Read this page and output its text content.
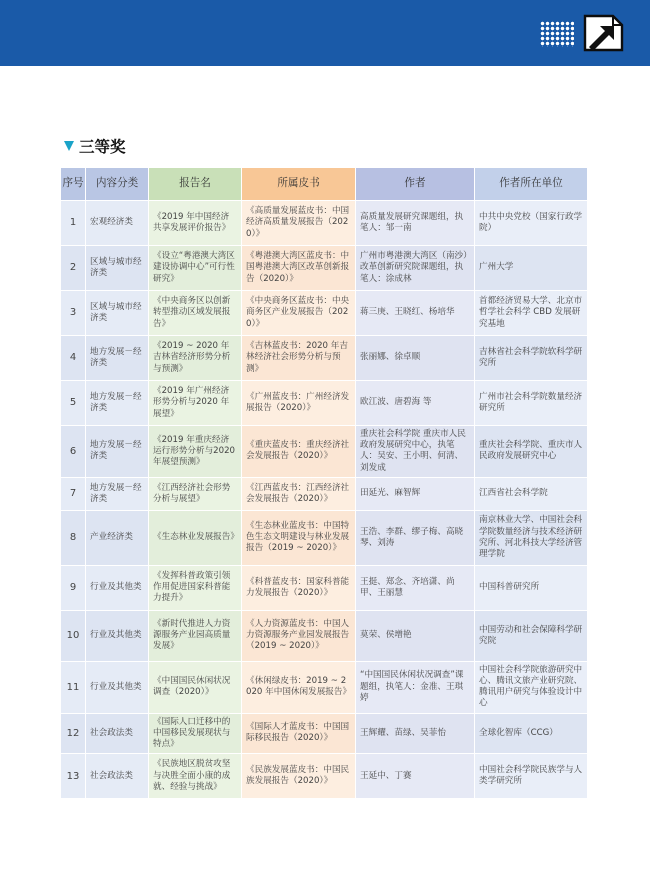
三等奖
序号	内容分类	报告名	所属皮书	作者	作者所在单位
1	宏观经济类	《2019 年中国经济共享发展评价报告》	《高质量发展蓝皮书：中国经济高质量发展报告（2020）》	高质量发展研究课题组，执笔人：邹一南	中共中央党校（国家行政学院）
2	区域与城市经济类	《设立“粤港澳大湾区建设协调中心”可行性研究》	《粤港澳大湾区蓝皮书：中国粤港澳大湾区改革创新报告（2020）》	广州市粤港澳大湾区（南沙）改革创新研究院课题组，执笔人：涂成林	广州大学
3	区域与城市经济类	《中央商务区以创新转型推动区域发展报告》	《中央商务区蓝皮书：中央商务区产业发展报告（2020）》	蒋三庚、王晓红、杨培华	首都经济贸易大学、北京市哲学社会科学 CBD 发展研究基地
4	地方发展－经济类	《2019 ~ 2020 年吉林省经济形势分析与预测》	《吉林蓝皮书：2020 年吉林经济社会形势分析与预测》	张丽娜、徐卓顺	吉林省社会科学院软科学研究所
5	地方发展－经济类	《2019 年广州经济形势分析与2020 年展望》	《广州蓝皮书：广州经济发展报告（2020）》	欧江波、唐碧海 等	广州市社会科学院数量经济研究所
6	地方发展－经济类	《2019 年重庆经济运行形势分析与2020 年展望预测》	《重庆蓝皮书：重庆经济社会发展报告（2020）》	重庆社会科学院 重庆市人民政府发展研究中心，执笔人：吴安、王小明、何清、刘发成	重庆社会科学院、重庆市人民政府发展研究中心
7	地方发展－经济类	《江西经济社会形势分析与展望》	《江西蓝皮书：江西经济社会发展报告（2020）》	田延光、麻智辉	江西省社会科学院
8	产业经济类	《生态林业发展报告》	《生态林业蓝皮书：中国特色生态文明建设与林业发展报告（2019 ~ 2020）》	王浩、李群、缪子梅、高晓琴、刘涛	南京林业大学、中国社会科学院数量经济与技术经济研究所、河北科技大学经济管理学院
9	行业及其他类	《发挥科普政策引领作用促进国家科普能力提升》	《科普蓝皮书：国家科普能力发展报告（2020）》	王挺、郑念、齐培潇、尚甲、王丽慧	中国科普研究所
10	行业及其他类	《新时代推进人力资源服务产业园高质量发展》	《人力资源蓝皮书：中国人力资源服务产业园发展报告（2019 ~ 2020）》	莫荣、侯增艳	中国劳动和社会保障科学研究院
11	行业及其他类	《中国国民休闲状况调查（2020）》	《休闲绿皮书：2019 ~ 2020 年中国休闲发展报告》	“中国国民休闲状况调查”课题组，执笔人：金准、王琪婷	中国社会科学院旅游研究中心、腾讯文旅产业研究院、腾讯用户研究与体验设计中心
12	社会政法类	《国际人口迁移中的中国移民发展现状与特点》	《国际人才蓝皮书：中国国际移民报告（2020）》	王辉耀、苗绿、吴菲怡	全球化智库（CCG）
13	社会政法类	《民族地区脱贫攻坚与决胜全面小康的成就、经验与挑战》	《民族发展蓝皮书：中国民族发展报告（2020）》	王延中、丁赛	中国社会科学院民族学与人类学研究所
